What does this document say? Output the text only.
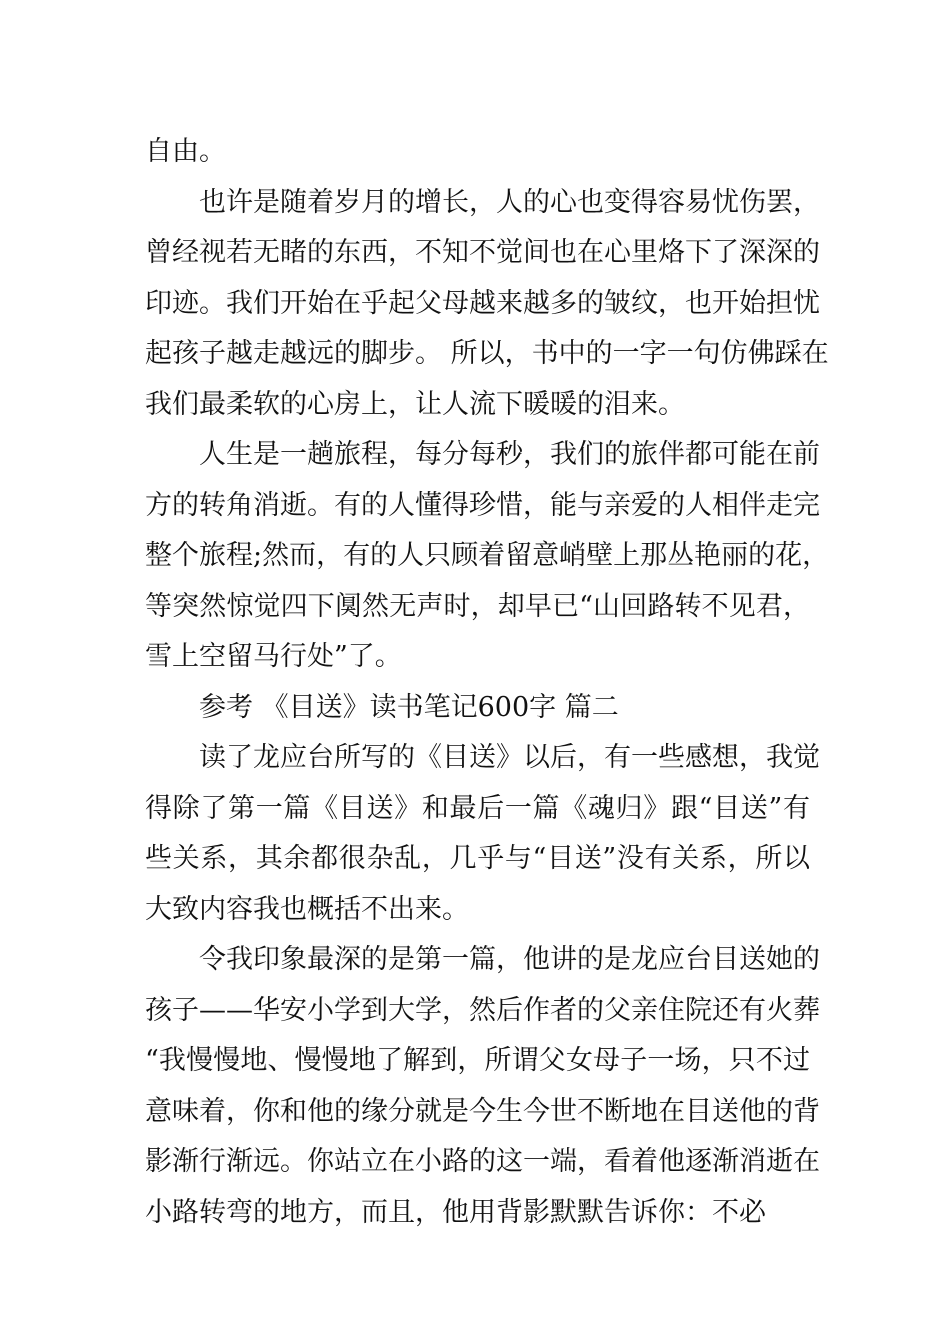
自由。
也许是随着岁月的增长，人的心也变得容易忧伤罢，
曾经视若无睹的东西，不知不觉间也在心里烙下了深深的
印迹。我们开始在乎起父母越来越多的皱纹，也开始担忧
起孩子越走越远的脚步。 所以，书中的一字一句仿佛踩在
我们最柔软的心房上，让人流下暖暖的泪来。
人生是一趟旅程，每分每秒，我们的旅伴都可能在前
方的转角消逝。有的人懂得珍惜，能与亲爱的人相伴走完
整个旅程;然而，有的人只顾着留意峭壁上那丛艳丽的花，
等突然惊觉四下阒然无声时，却早已“山回路转不见君，
雪上空留马行处”了。
参考 《目送》读书笔记600字 篇二
读了龙应台所写的《目送》以后，有一些感想，我觉
得除了第一篇《目送》和最后一篇《魂归》跟“目送”有
些关系，其余都很杂乱，几乎与“目送”没有关系，所以
大致内容我也概括不出来。
令我印象最深的是第一篇，他讲的是龙应台目送她的
孩子——华安小学到大学，然后作者的父亲住院还有火葬
“我慢慢地、慢慢地了解到，所谓父女母子一场，只不过
意味着，你和他的缘分就是今生今世不断地在目送他的背
影渐行渐远。你站立在小路的这一端，看着他逐渐消逝在
小路转弯的地方，而且，他用背影默默告诉你：不必
